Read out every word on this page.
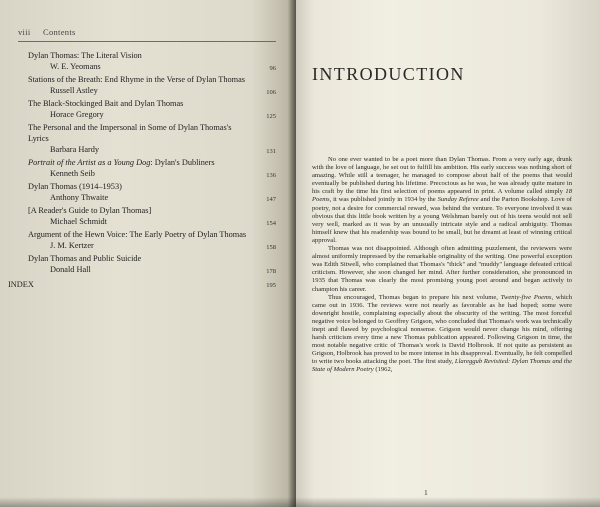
viii Contents
Dylan Thomas: The Literal Vision
W. E. Yeomans	96
Stations of the Breath: End Rhyme in the Verse of Dylan Thomas
Russell Astley	106
The Black-Stockinged Bait and Dylan Thomas
Horace Gregory	125
The Personal and the Impersonal in Some of Dylan Thomas's Lyrics
Barbara Hardy	131
Portrait of the Artist as a Young Dog: Dylan's Dubliners
Kenneth Seib	136
Dylan Thomas (1914–1953)
Anthony Thwaite	147
[A Reader's Guide to Dylan Thomas]
Michael Schmidt	154
Argument of the Hewn Voice: The Early Poetry of Dylan Thomas
J. M. Kertzer	158
Dylan Thomas and Public Suicide
Donald Hall	178
INDEX	195
INTRODUCTION

No one ever wanted to be a poet more than Dylan Thomas. From a very early age, drunk with the love of language, he set out to fulfill his ambition. His early success was nothing short of amazing. While still a teenager, he managed to compose about half of the poems that would eventually be published during his lifetime. Precocious as he was, he was already quite mature in his craft by the time his first selection of poems appeared in print. A volume called simply 18 Poems, it was published jointly in 1934 by the Sunday Referee and the Parton Bookshop. Love of poetry, not a desire for commercial reward, was behind the venture. To everyone involved it was obvious that this little book written by a young Welshman barely out of his teens would not sell very well, marked as it was by an unusually intricate style and a radical ambiguity. Thomas himself knew that his readership was bound to be small, but he dreamt at least of winning critical approval.

Thomas was not disappointed. Although often admitting puzzlement, the reviewers were almost uniformly impressed by the remarkable originality of the writing. One powerful exception was Edith Sitwell, who complained that Thomas's "thick" and "muddy" language defeated critical criticism. However, she soon changed her mind. After further consideration, she pronounced in 1935 that Thomas was clearly the most promising young poet around and began actively to champion his career.

Thus encouraged, Thomas began to prepare his next volume, Twenty-five Poems, which came out in 1936. The reviews were not nearly as favorable as he had hoped; some were downright hostile, complaining especially about the obscurity of the writing. The most forceful negative voice belonged to Geoffrey Grigson, who concluded that Thomas's work was technically inept and flawed by psychological nonsense. Grigson would never change his mind, offering harsh criticism every time a new Thomas publication appeared. Following Grigson in time, the most notable negative critic of Thomas's work is David Holbrook. If not quite as persistent as Grigson, Holbrook has proved to be more intense in his disapproval. Eventually, he felt compelled to write two books attacking the poet. The first study, Llareggub Revisited: Dylan Thomas and the State of Modern Poetry (1962,

1
